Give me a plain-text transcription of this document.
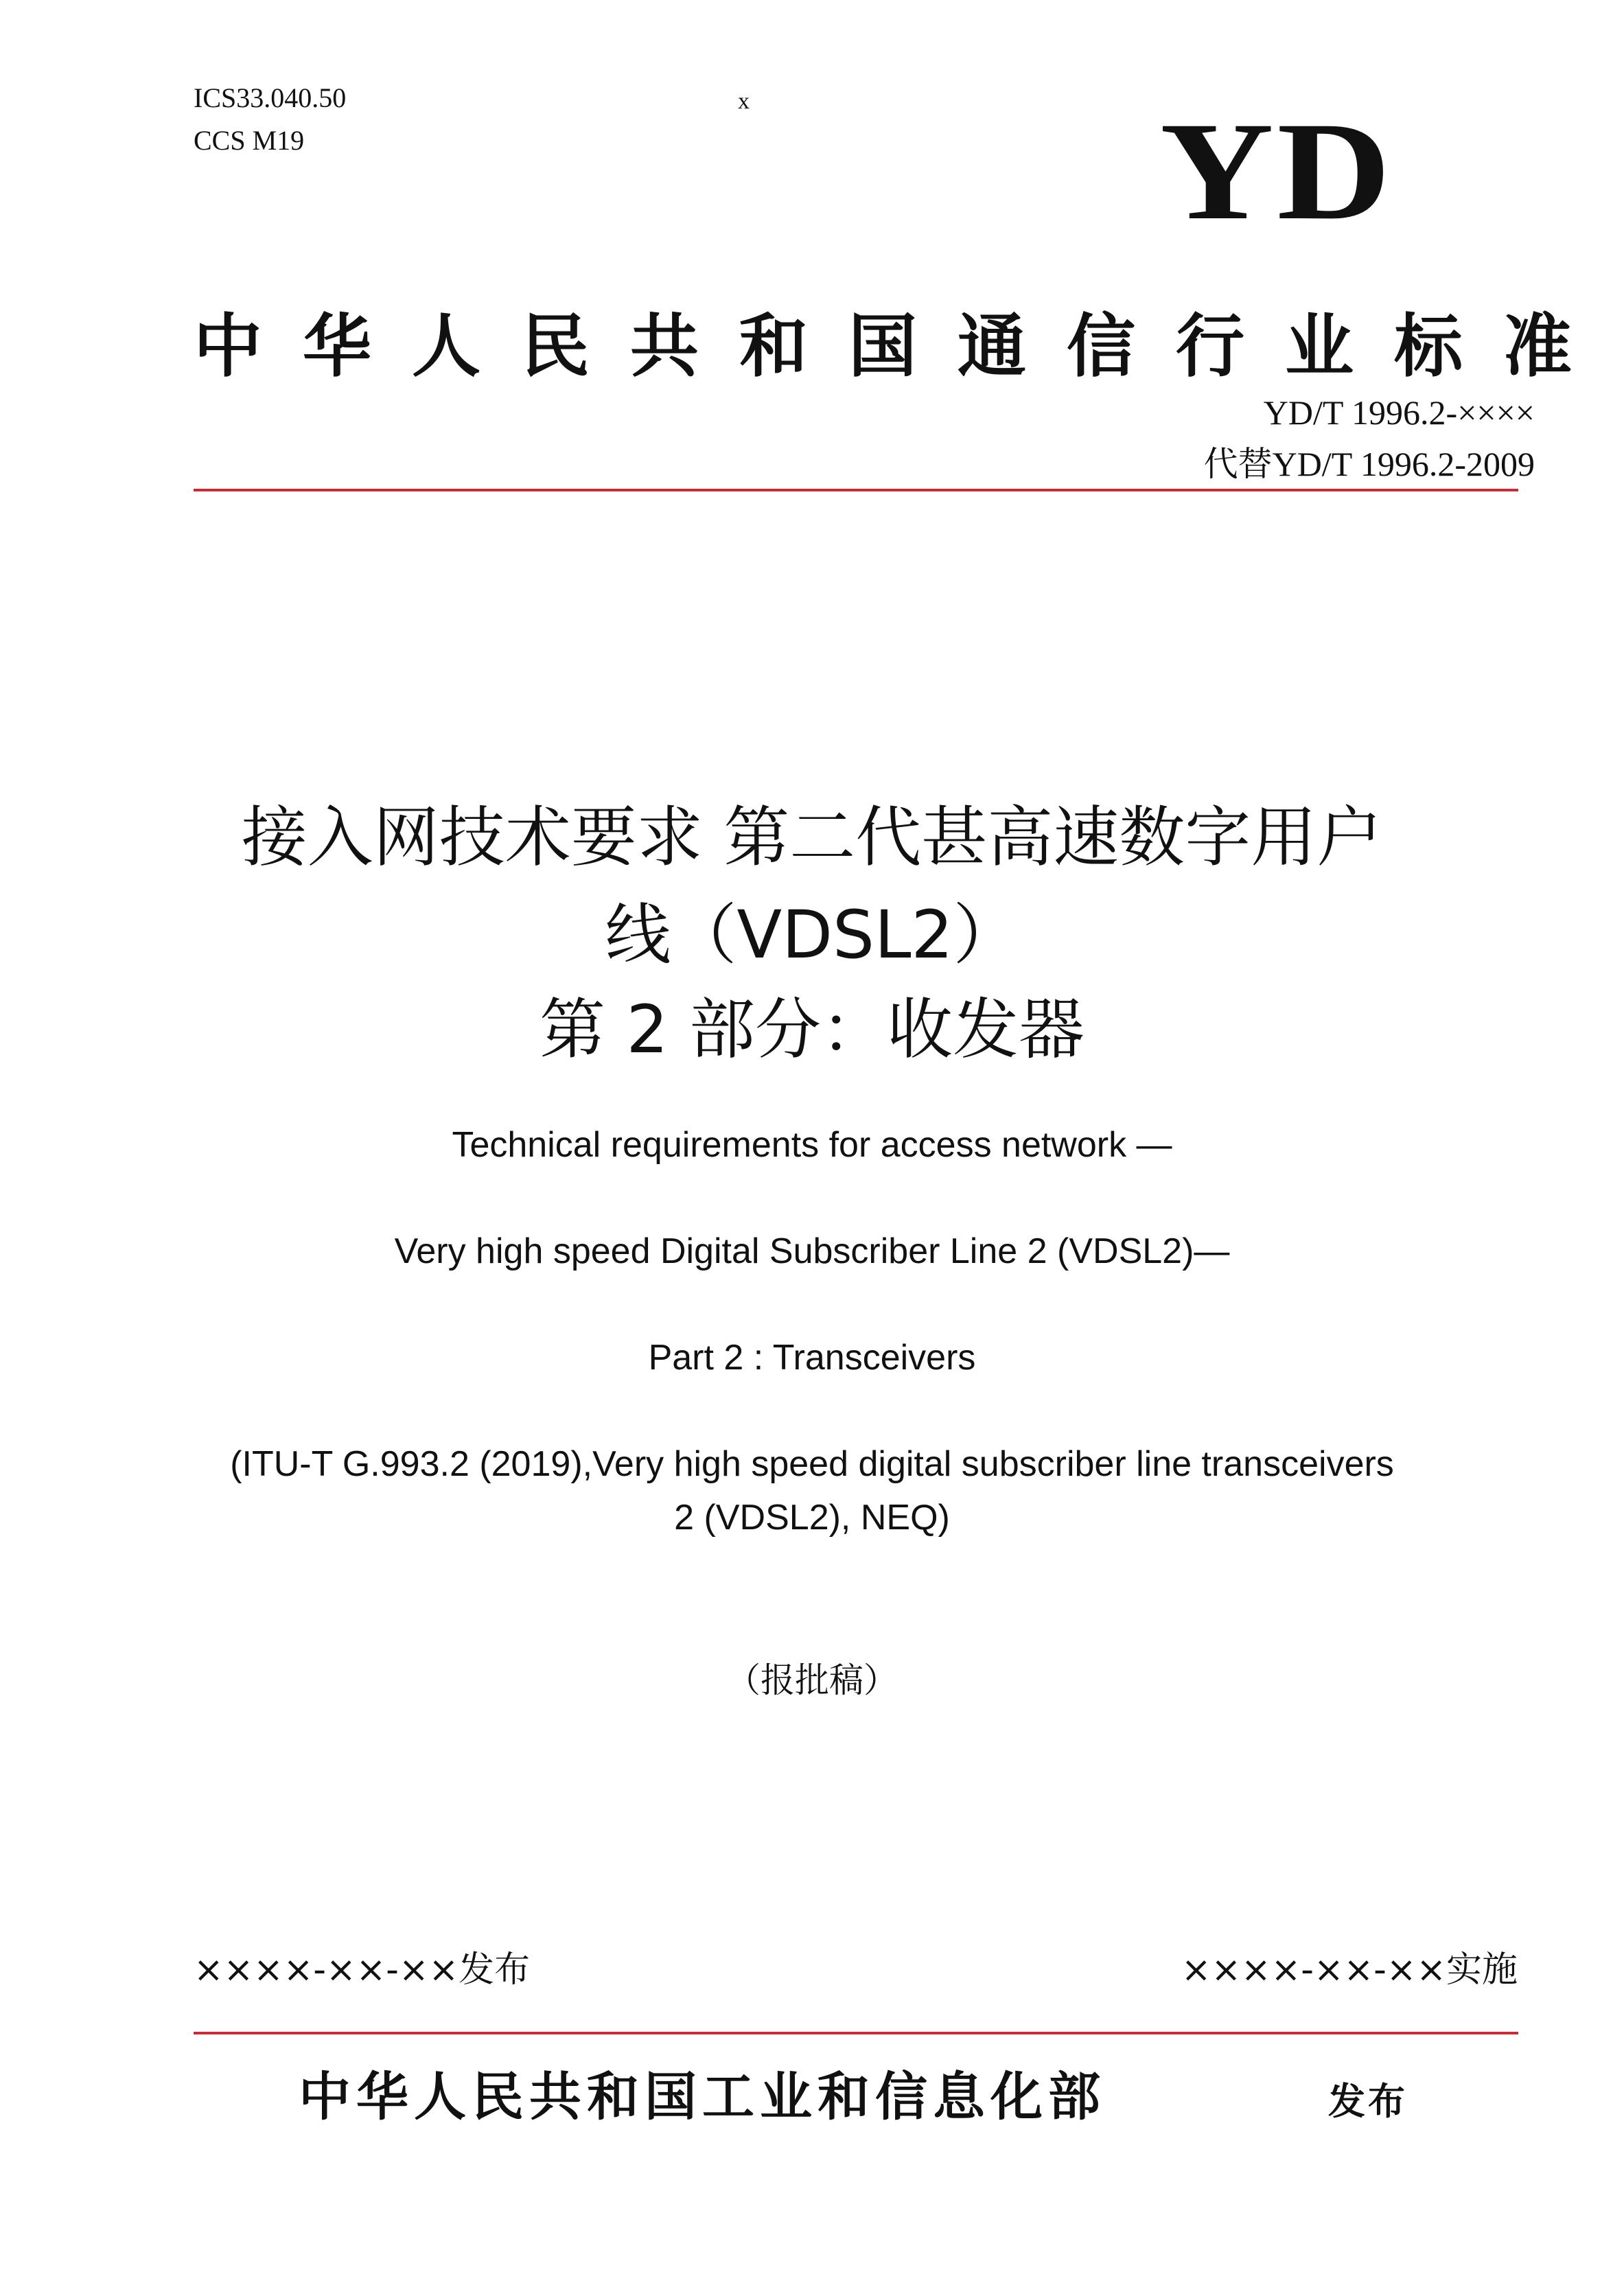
ICS33.040.50
CCS M19
x	YD
中华人民共和国通信行业标准
YD/T 1996.2-××××
代替YD/T 1996.2-2009
接入网技术要求 第二代甚高速数字用户
线（VDSL2）
第 2 部分：收发器
Technical requirements for access network —
Very high speed Digital Subscriber Line 2 (VDSL2)—
Part 2 : Transceivers
(ITU-T G.993.2 (2019),Very high speed digital subscriber line transceivers
2 (VDSL2), NEQ)
（报批稿）
××××-××-××发布	××××-××-××实施
中华人民共和国工业和信息化部	发布
